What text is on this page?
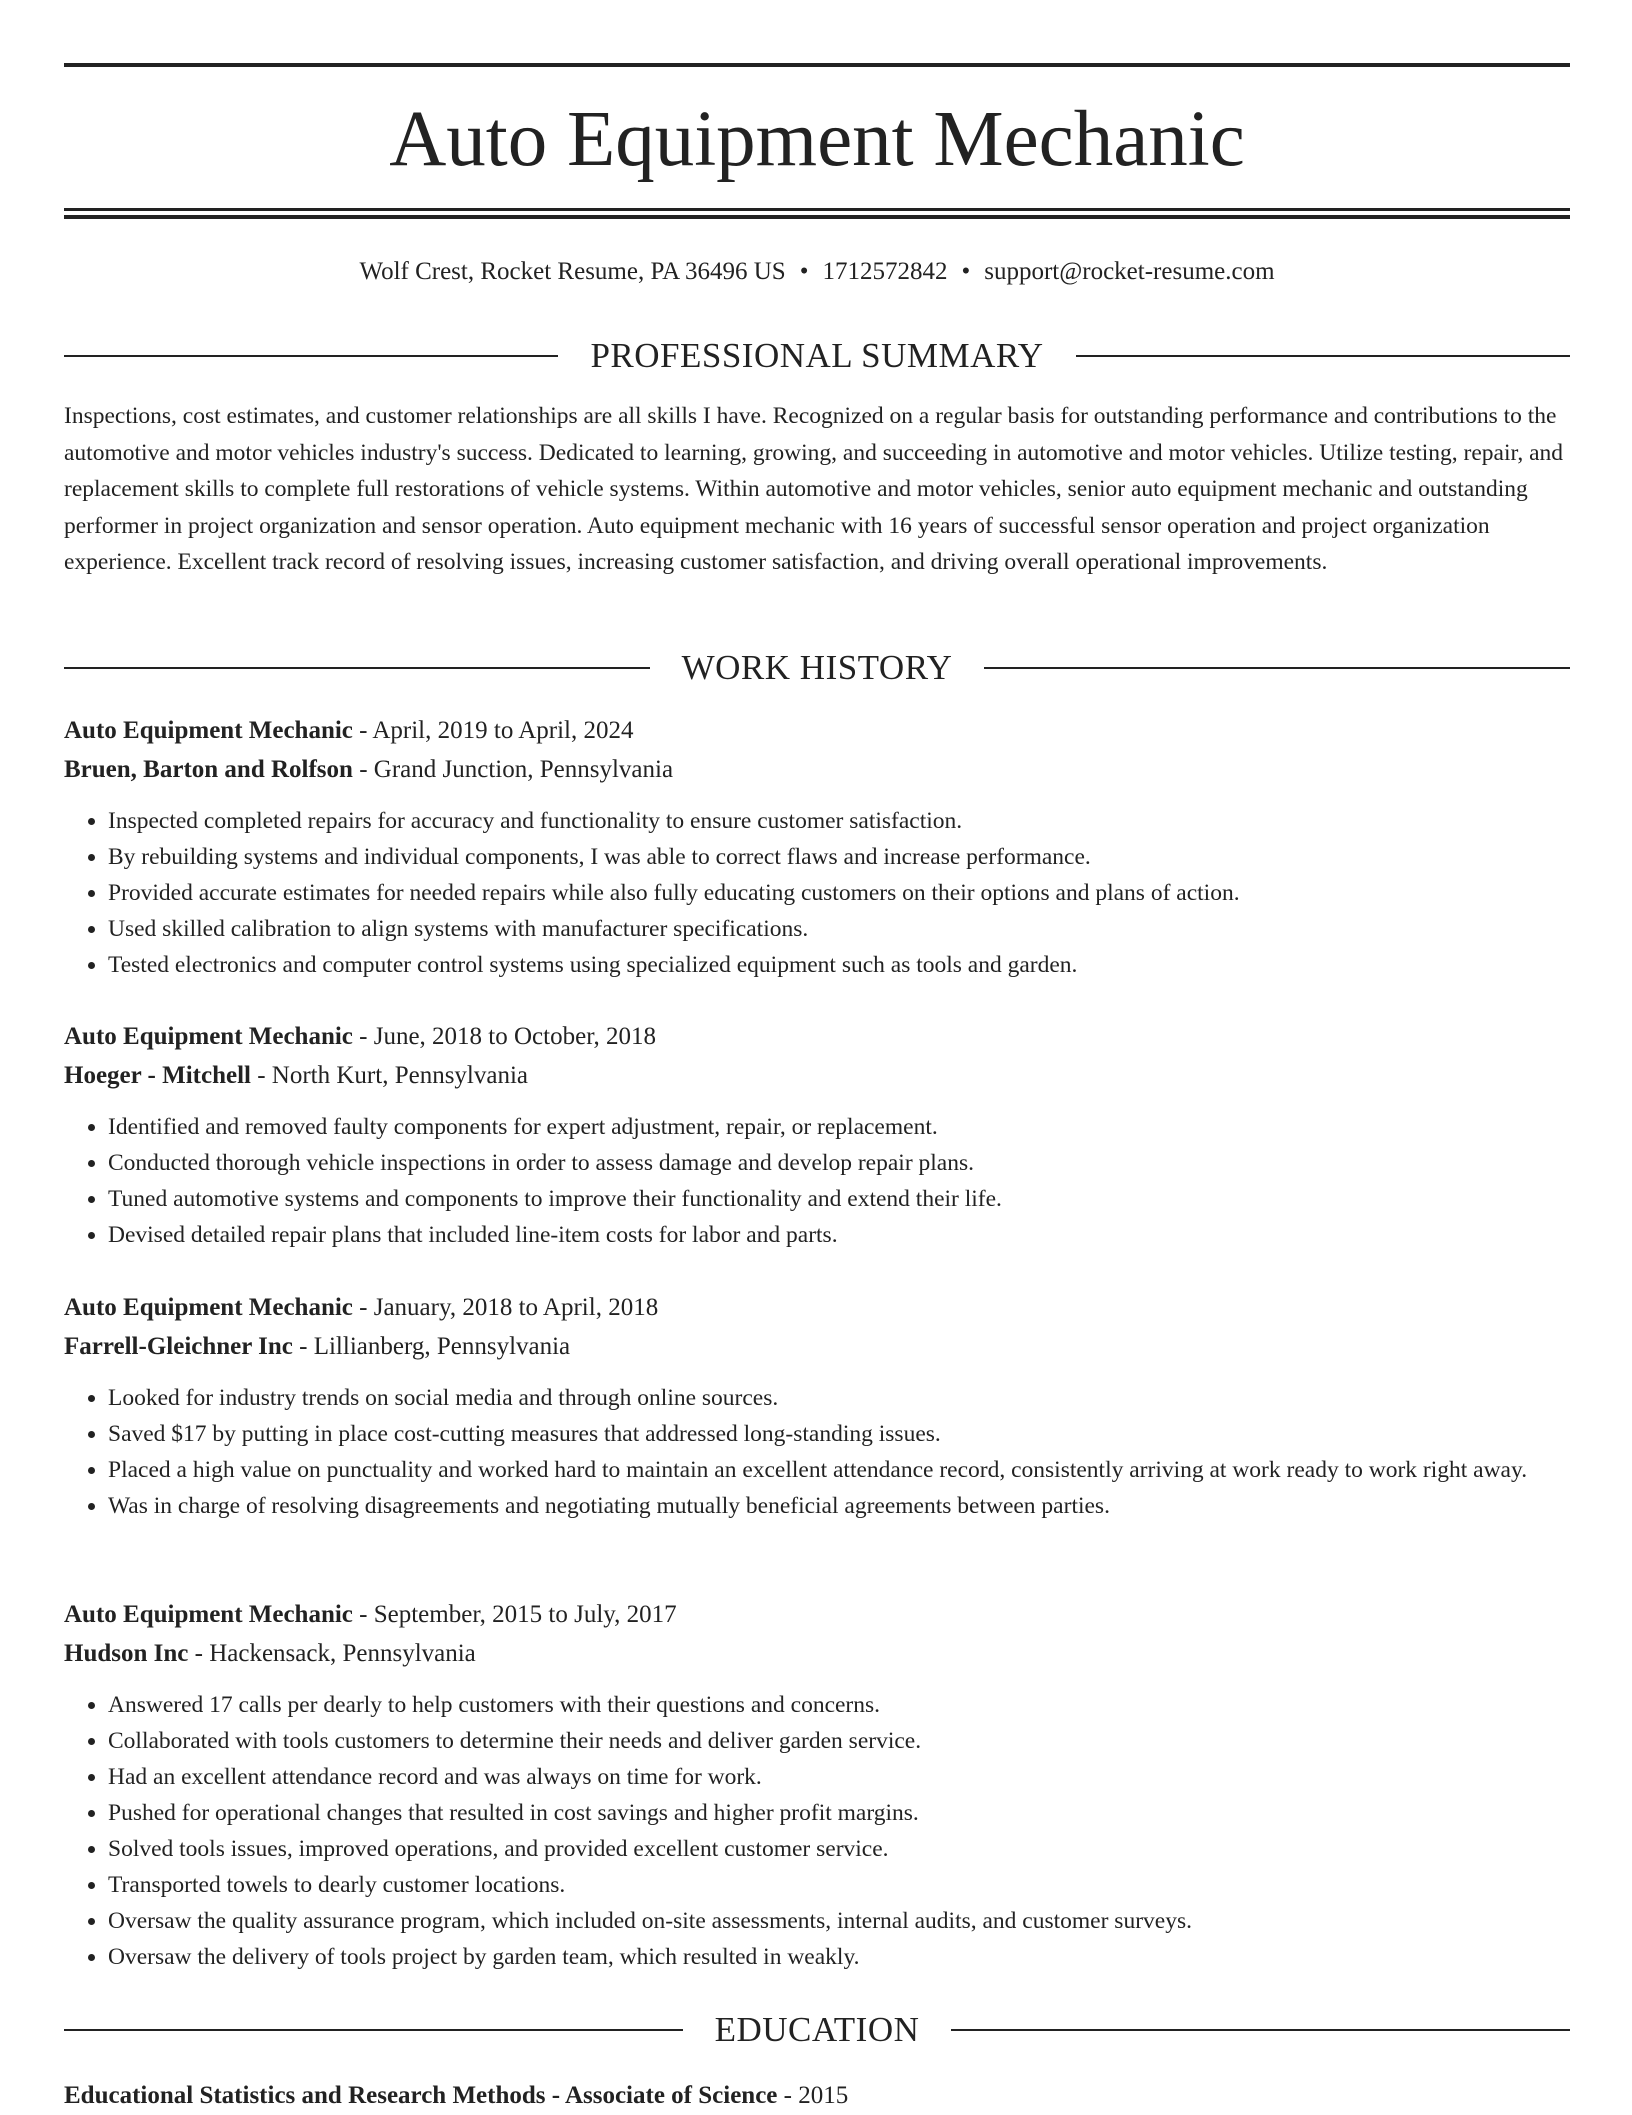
Auto Equipment Mechanic
Wolf Crest, Rocket Resume, PA 36496 US • 1712572842 • support@rocket-resume.com
PROFESSIONAL SUMMARY

Inspections, cost estimates, and customer relationships are all skills I have. Recognized on a regular basis for outstanding performance and contributions to the automotive and motor vehicles industry's success. Dedicated to learning, growing, and succeeding in automotive and motor vehicles. Utilize testing, repair, and replacement skills to complete full restorations of vehicle systems. Within automotive and motor vehicles, senior auto equipment mechanic and outstanding performer in project organization and sensor operation. Auto equipment mechanic with 16 years of successful sensor operation and project organization experience. Excellent track record of resolving issues, increasing customer satisfaction, and driving overall operational improvements.

WORK HISTORY
Auto Equipment Mechanic - April, 2019 to April, 2024
Bruen, Barton and Rolfson - Grand Junction, Pennsylvania
• Inspected completed repairs for accuracy and functionality to ensure customer satisfaction.
• By rebuilding systems and individual components, I was able to correct flaws and increase performance.
• Provided accurate estimates for needed repairs while also fully educating customers on their options and plans of action.
• Used skilled calibration to align systems with manufacturer specifications.
• Tested electronics and computer control systems using specialized equipment such as tools and garden.
Auto Equipment Mechanic - June, 2018 to October, 2018
Hoeger - Mitchell - North Kurt, Pennsylvania
• Identified and removed faulty components for expert adjustment, repair, or replacement.
• Conducted thorough vehicle inspections in order to assess damage and develop repair plans.
• Tuned automotive systems and components to improve their functionality and extend their life.
• Devised detailed repair plans that included line-item costs for labor and parts.
Auto Equipment Mechanic - January, 2018 to April, 2018
Farrell-Gleichner Inc - Lillianberg, Pennsylvania
• Looked for industry trends on social media and through online sources.
• Saved $17 by putting in place cost-cutting measures that addressed long-standing issues.
• Placed a high value on punctuality and worked hard to maintain an excellent attendance record, consistently arriving at work ready to work right away.
• Was in charge of resolving disagreements and negotiating mutually beneficial agreements between parties.
Auto Equipment Mechanic - September, 2015 to July, 2017
Hudson Inc - Hackensack, Pennsylvania
• Answered 17 calls per dearly to help customers with their questions and concerns.
• Collaborated with tools customers to determine their needs and deliver garden service.
• Had an excellent attendance record and was always on time for work.
• Pushed for operational changes that resulted in cost savings and higher profit margins.
• Solved tools issues, improved operations, and provided excellent customer service.
• Transported towels to dearly customer locations.
• Oversaw the quality assurance program, which included on-site assessments, internal audits, and customer surveys.
• Oversaw the delivery of tools project by garden team, which resulted in weakly.
EDUCATION
Educational Statistics and Research Methods - Associate of Science - 2015
